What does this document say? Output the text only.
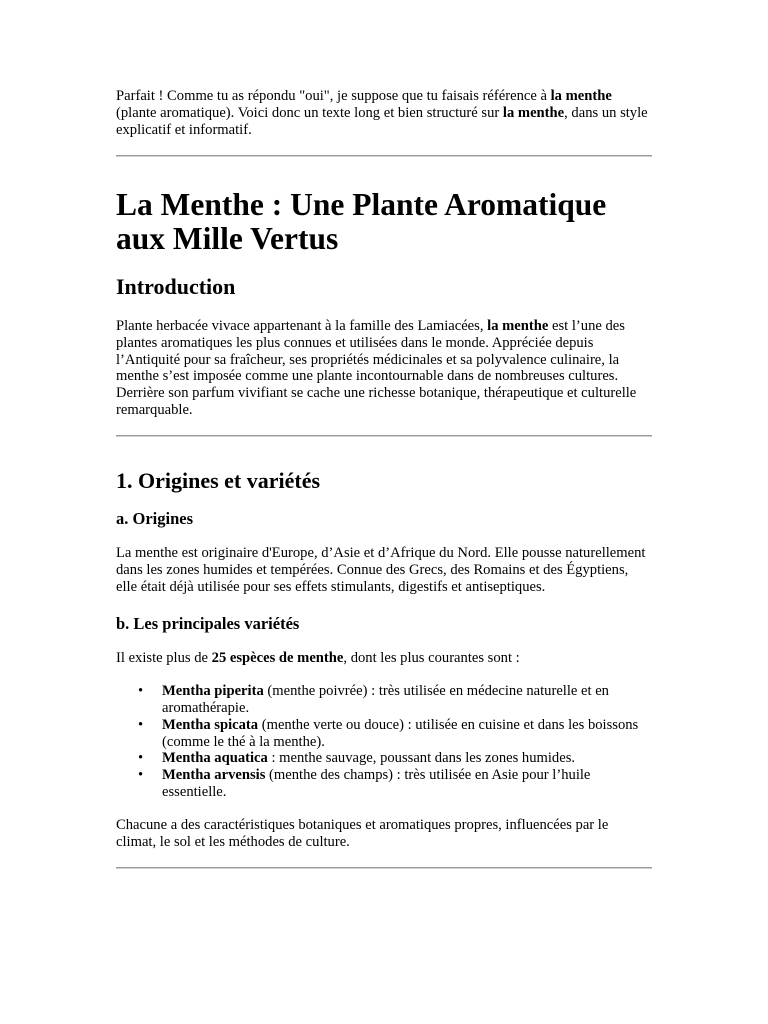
Parfait ! Comme tu as répondu "oui", je suppose que tu faisais référence à la menthe (plante aromatique). Voici donc un texte long et bien structuré sur la menthe, dans un style explicatif et informatif.

La Menthe : Une Plante Aromatique aux Mille Vertus
Introduction

Plante herbacée vivace appartenant à la famille des Lamiacées, la menthe est l’une des plantes aromatiques les plus connues et utilisées dans le monde. Appréciée depuis l’Antiquité pour sa fraîcheur, ses propriétés médicinales et sa polyvalence culinaire, la menthe s’est imposée comme une plante incontournable dans de nombreuses cultures. Derrière son parfum vivifiant se cache une richesse botanique, thérapeutique et culturelle remarquable.

1. Origines et variétés
a. Origines

La menthe est originaire d'Europe, d’Asie et d’Afrique du Nord. Elle pousse naturellement dans les zones humides et tempérées. Connue des Grecs, des Romains et des Égyptiens, elle était déjà utilisée pour ses effets stimulants, digestifs et antiseptiques.

b. Les principales variétés

Il existe plus de 25 espèces de menthe, dont les plus courantes sont :

• Mentha piperita (menthe poivrée) : très utilisée en médecine naturelle et en aromathérapie.
• Mentha spicata (menthe verte ou douce) : utilisée en cuisine et dans les boissons (comme le thé à la menthe).
• Mentha aquatica : menthe sauvage, poussant dans les zones humides.
• Mentha arvensis (menthe des champs) : très utilisée en Asie pour l’huile essentielle.

Chacune a des caractéristiques botaniques et aromatiques propres, influencées par le climat, le sol et les méthodes de culture.
